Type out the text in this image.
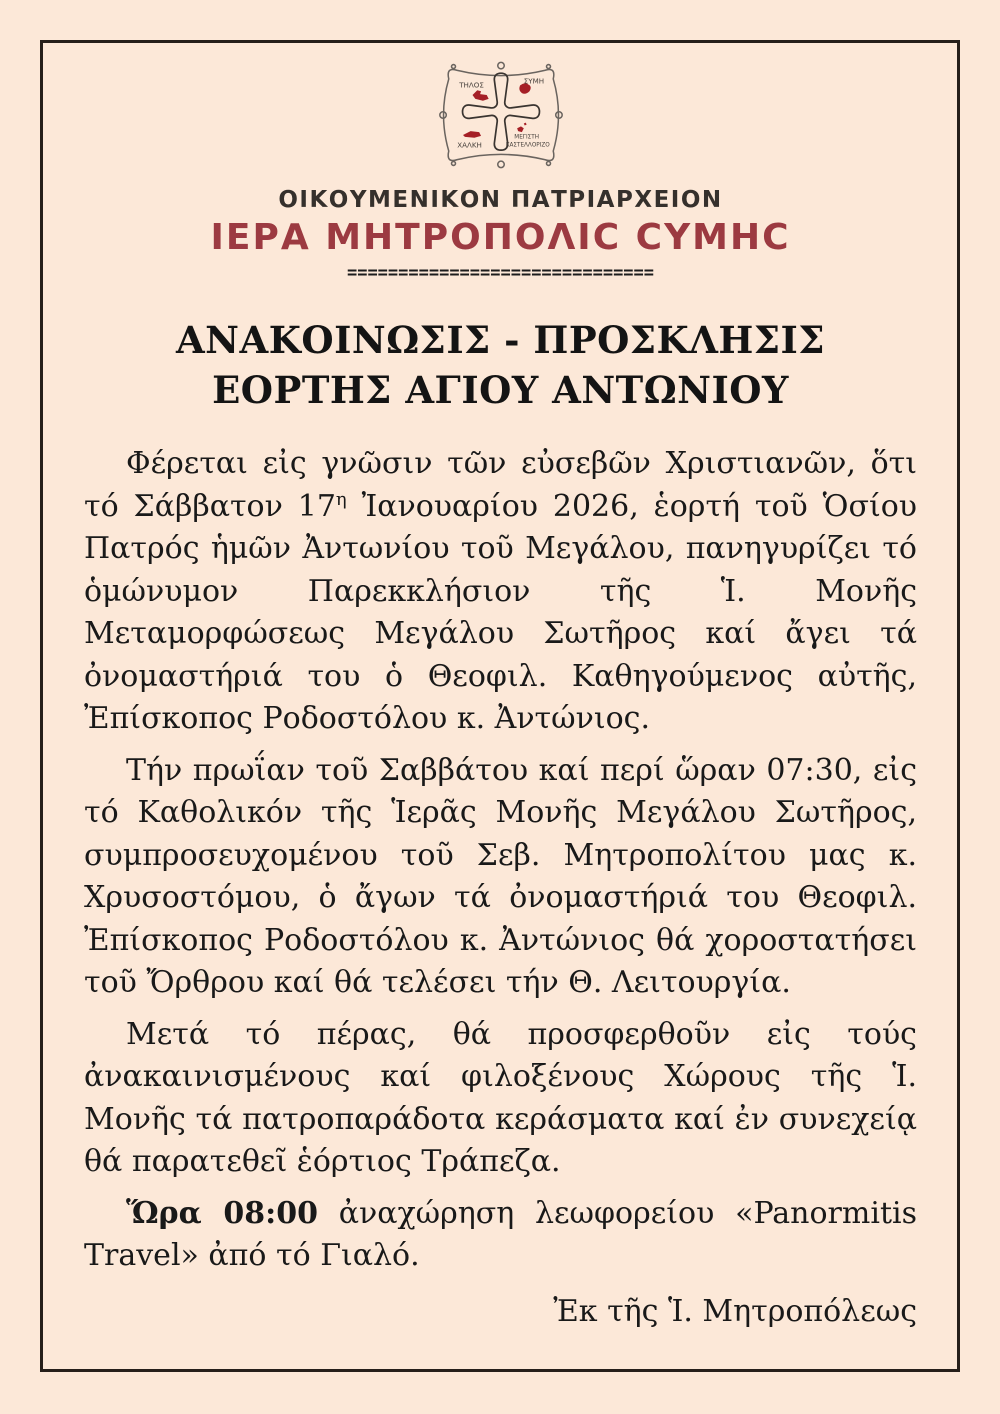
ΤΗΛΟΣ	ΣΥΜΗ
ΧΑΛΚΗ
ΜΕΓΙΣΤΗ
ΚΑΣΤΕΛΛΟΡΙΖΟ
ΟΙΚΟΥΜΕΝΙΚΟΝ ΠΑΤΡΙΑΡΧΕΙΟΝ
ΙΕΡΑ ΜΗΤΡΟΠΟΛΙϹ ϹΥΜΗϹ
==============================
ΑΝΑΚΟΙΝΩΣΙΣ - ΠΡΟΣΚΛΗΣΙΣ
ΕΟΡΤΗΣ ΑΓΙΟΥ ΑΝΤΩΝΙΟΥ

Φέρεται εἰς γνῶσιν τῶν εὐσεβῶν Χριστιανῶν, ὅτι τό Σάββατον $17^\eta$ Ἰανουαρίου 2026, ἑορτή τοῦ Ὁσίου Πατρός ἡμῶν Ἀντωνίου τοῦ Μεγάλου, πανηγυρίζει τό ὁμώνυμον Παρεκκλήσιον τῆς Ἱ. Μονῆς Μεταμορφώσεως Μεγάλου Σωτῆρος καί ἄγει τά ὀνομαστήριά του ὁ Θεοφιλ. Καθηγούμενος αὐτῆς, Ἐπίσκοπος Ροδοστόλου κ. Ἀντώνιος.

Τήν πρωΐαν τοῦ Σαββάτου καί περί ὥραν 07:30, εἰς τό Καθολικόν τῆς Ἱερᾶς Μονῆς Μεγάλου Σωτῆρος, συμπροσευχομένου τοῦ Σεβ. Μητροπολίτου μας κ. Χρυσοστόμου, ὁ ἄγων τά ὀνομαστήριά του Θεοφιλ. Ἐπίσκοπος Ροδοστόλου κ. Ἀντώνιος θά χοροστατήσει τοῦ Ὄρθρου καί θά τελέσει τήν Θ. Λειτουργία.

Μετά τό πέρας, θά προσφερθοῦν εἰς τούς ἀνακαινισμένους καί φιλοξένους Χώρους τῆς Ἱ. Μονῆς τά πατροπαράδοτα κεράσματα καί ἐν συνεχείᾳ θά παρατεθεῖ ἑόρτιος Τράπεζα.

Ὥρα 08:00 ἀναχώρηση λεωφορείου «Panormitis Travel» ἀπό τό Γιαλό.

Ἐκ τῆς Ἱ. Μητροπόλεως
